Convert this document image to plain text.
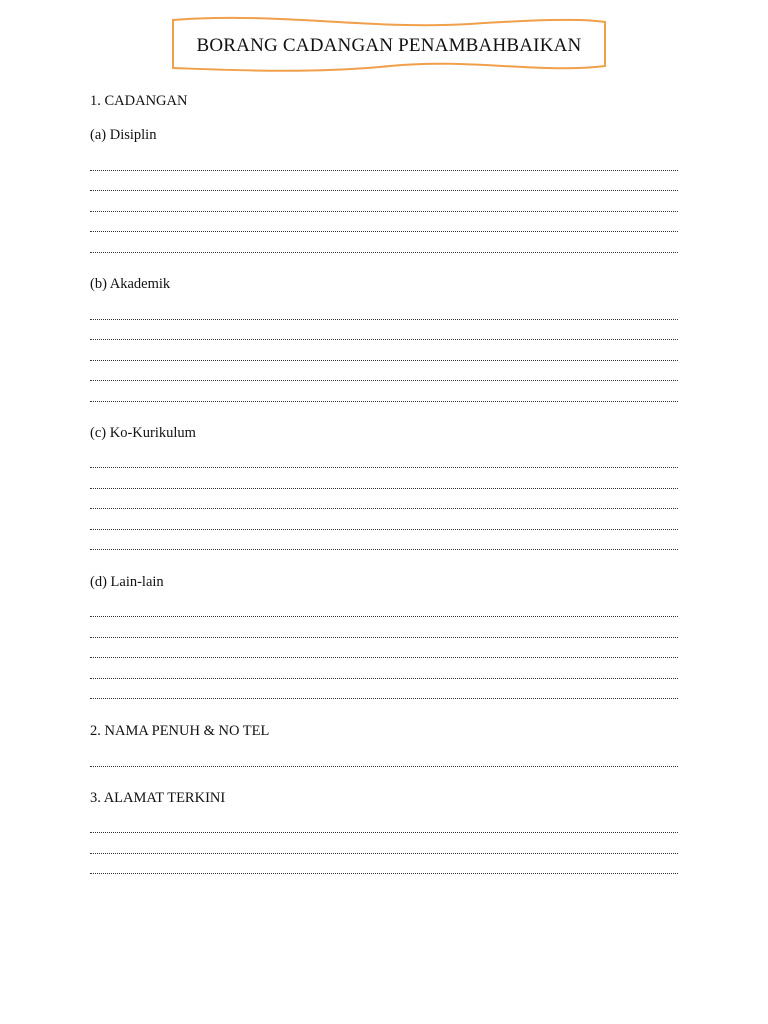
BORANG CADANGAN PENAMBAHBAIKAN
1. CADANGAN
(a) Disiplin
(b) Akademik
(c) Ko-Kurikulum
(d) Lain-lain
2. NAMA PENUH & NO TEL
3. ALAMAT TERKINI
